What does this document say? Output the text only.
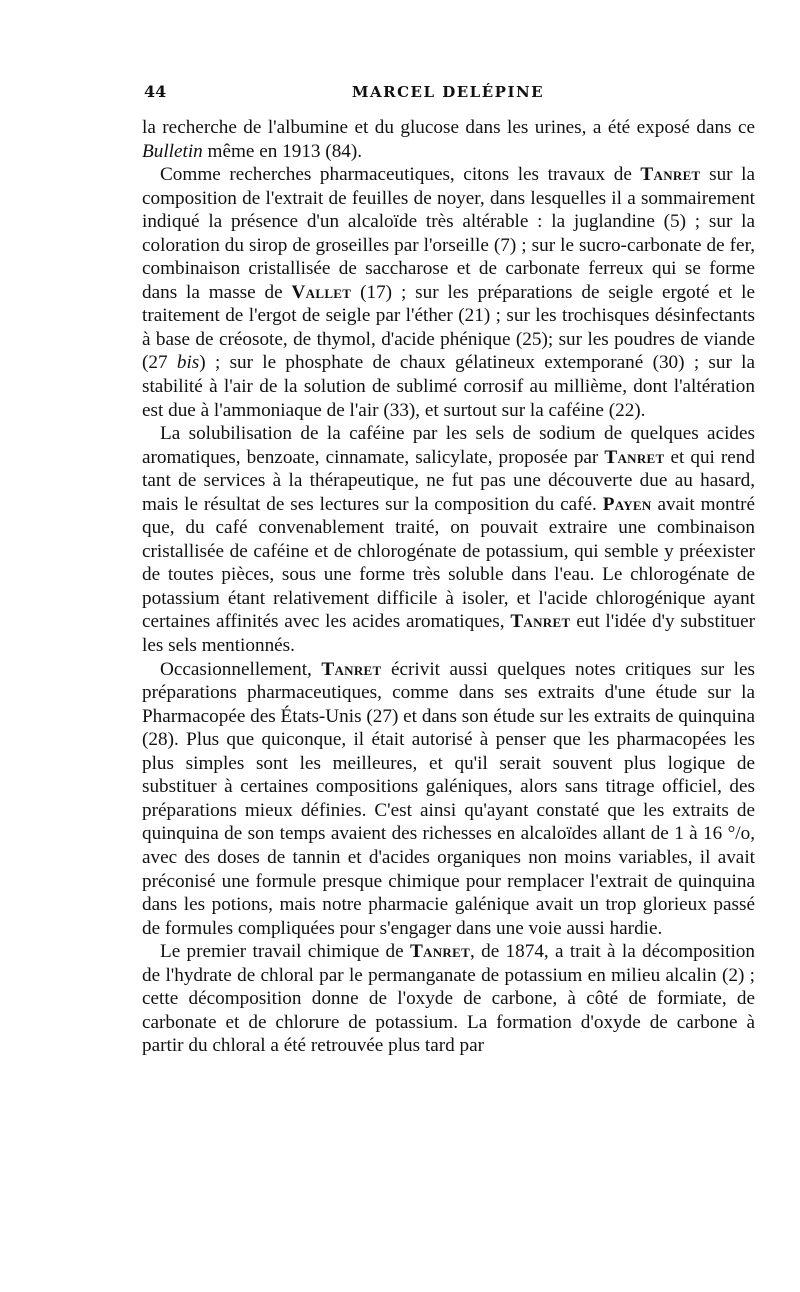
44	MARCEL DELÉPINE

la recherche de l'albumine et du glucose dans les urines, a été exposé dans ce Bulletin même en 1913 (84).

Comme recherches pharmaceutiques, citons les travaux de Tanret sur la composition de l'extrait de feuilles de noyer, dans lesquelles il a sommairement indiqué la présence d'un alcaloïde très altérable : la juglandine (5) ; sur la coloration du sirop de groseilles par l'orseille (7) ; sur le sucro-carbonate de fer, combinaison cristallisée de saccharose et de carbonate ferreux qui se forme dans la masse de Vallet (17) ; sur les préparations de seigle ergoté et le traitement de l'ergot de seigle par l'éther (21) ; sur les trochisques désinfectants à base de créosote, de thymol, d'acide phénique (25); sur les poudres de viande (27 bis) ; sur le phosphate de chaux gélatineux extemporané (30) ; sur la stabilité à l'air de la solution de sublimé corrosif au millième, dont l'altération est due à l'ammoniaque de l'air (33), et surtout sur la caféine (22).

La solubilisation de la caféine par les sels de sodium de quelques acides aromatiques, benzoate, cinnamate, salicylate, proposée par Tanret et qui rend tant de services à la thérapeutique, ne fut pas une découverte due au hasard, mais le résultat de ses lectures sur la composition du café. Payen avait montré que, du café convenablement traité, on pouvait extraire une combinaison cristallisée de caféine et de chlorogénate de potassium, qui semble y préexister de toutes pièces, sous une forme très soluble dans l'eau. Le chlorogénate de potassium étant relativement difficile à isoler, et l'acide chlorogénique ayant certaines affinités avec les acides aromatiques, Tanret eut l'idée d'y substituer les sels mentionnés.

Occasionnellement, Tanret écrivit aussi quelques notes critiques sur les préparations pharmaceutiques, comme dans ses extraits d'une étude sur la Pharmacopée des États-Unis (27) et dans son étude sur les extraits de quinquina (28). Plus que quiconque, il était autorisé à penser que les pharmacopées les plus simples sont les meilleures, et qu'il serait souvent plus logique de substituer à certaines compositions galéniques, alors sans titrage officiel, des préparations mieux définies. C'est ainsi qu'ayant constaté que les extraits de quinquina de son temps avaient des richesses en alcaloïdes allant de 1 à 16 °/o, avec des doses de tannin et d'acides organiques non moins variables, il avait préconisé une formule presque chimique pour remplacer l'extrait de quinquina dans les potions, mais notre pharmacie galénique avait un trop glorieux passé de formules compliquées pour s'engager dans une voie aussi hardie.

Le premier travail chimique de Tanret, de 1874, a trait à la décomposition de l'hydrate de chloral par le permanganate de potassium en milieu alcalin (2) ; cette décomposition donne de l'oxyde de carbone, à côté de formiate, de carbonate et de chlorure de potassium. La formation d'oxyde de carbone à partir du chloral a été retrouvée plus tard par
